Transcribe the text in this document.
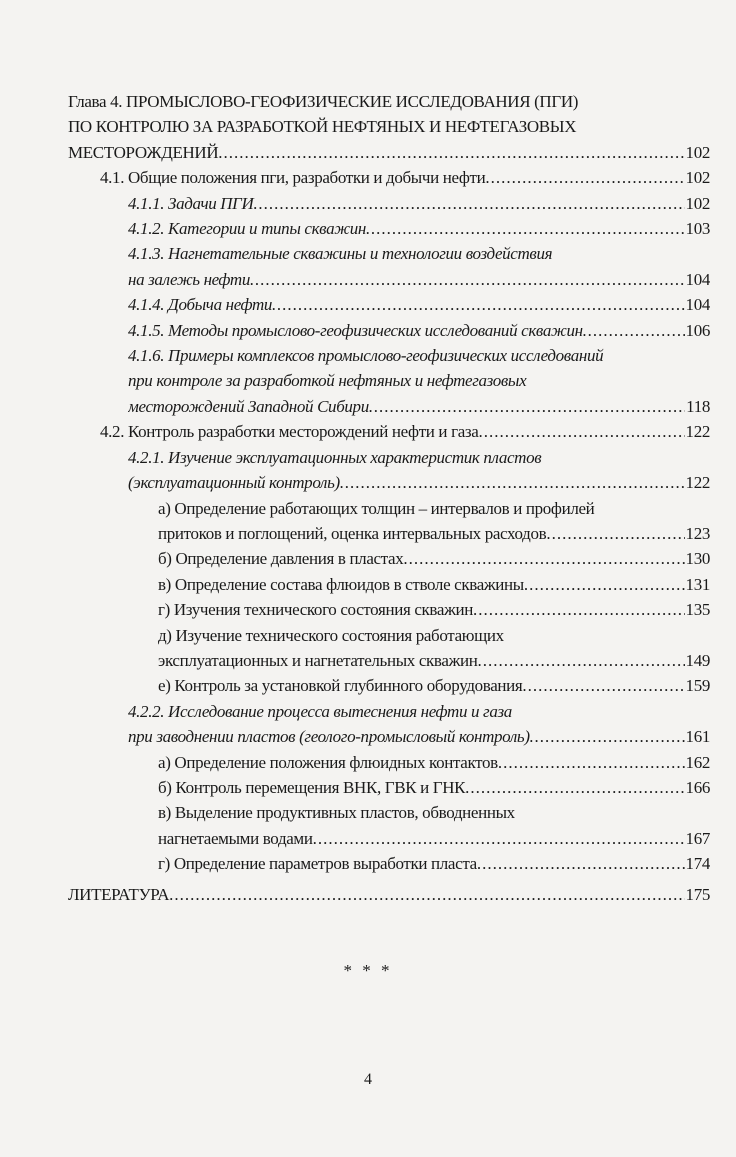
Глава 4. ПРОМЫСЛОВО-ГЕОФИЗИЧЕСКИЕ ИССЛЕДОВАНИЯ (ПГИ)
ПО КОНТРОЛЮ ЗА РАЗРАБОТКОЙ НЕФТЯНЫХ И НЕФТЕГАЗОВЫХ
МЕСТОРОЖДЕНИЙ .....	102
4.1. Общие положения пги, разработки и добычи нефти .....	102
4.1.1. Задачи ПГИ .....	102
4.1.2. Категории и типы скважин .....	103
4.1.3. Нагнетательные скважины и технологии воздействия
на залежь нефти .....	104
4.1.4. Добыча нефти .....	104
4.1.5. Методы промыслово-геофизических исследований скважин .....	106
4.1.6. Примеры комплексов промыслово-геофизических исследований
при контроле за разработкой нефтяных и нефтегазовых
месторождений Западной Сибири .....	118
4.2. Контроль разработки месторождений нефти и газа .....	122
4.2.1. Изучение эксплуатационных характеристик пластов
(эксплуатационный контроль) .....	122
а) Определение работающих толщин – интервалов и профилей
притоков и поглощений, оценка интервальных расходов .....	123
б) Определение давления в пластах .....	130
в) Определение состава флюидов в стволе скважины .....	131
г) Изучения технического состояния скважин .....	135
д) Изучение технического состояния работающих
эксплуатационных и нагнетательных скважин .....	149
е) Контроль за установкой глубинного оборудования .....	159
4.2.2. Исследование процесса вытеснения нефти и газа
при заводнении пластов (геолого-промысловый контроль) .....	161
а) Определение положения флюидных контактов .....	162
б) Контроль перемещения ВНК, ГВК и ГНК .....	166
в) Выделение продуктивных пластов, обводненных
нагнетаемыми водами .....	167
г) Определение параметров выработки пласта .....	174
ЛИТЕРАТУРА .....	175
* * *
4
